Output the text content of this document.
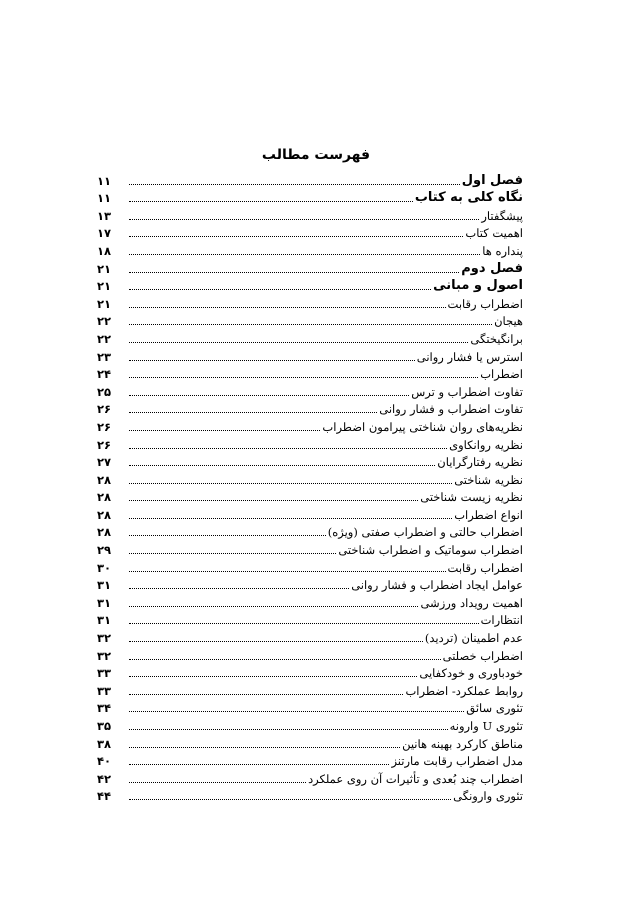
فهرست مطالب
فصل اول
۱۱
نگاه کلی به کتاب
۱۱
پیشگفتار
۱۳
اهمیت کتاب
۱۷
پنداره ها
۱۸
فصل دوم
۲۱
اصول و مبانی
۲۱
اضطراب رقابت
۲۱
هیجان
۲۲
برانگیختگی
۲۲
استرس یا فشار روانی
۲۳
اضطراب
۲۴
تفاوت اضطراب و ترس
۲۵
تفاوت اضطراب و فشار روانی
۲۶
نظریه‌های روان شناختی پیرامون اضطراب
۲۶
نظریه روانکاوی
۲۶
نظریه رفتارگرایان
۲۷
نظریه شناختی
۲۸
نظریه زیست شناختی
۲۸
انواع اضطراب
۲۸
اضطراب حالتی و اضطراب صفتی (ویژه)
۲۸
اضطراب سوماتیک و اضطراب شناختی
۲۹
اضطراب رقابت
۳۰
عوامل ایجاد اضطراب و فشار روانی
۳۱
اهمیت رویداد ورزشی
۳۱
انتظارات
۳۱
عدم اطمینان (تردید)
۳۲
اضطراب خصلتی
۳۲
خودباوری و خودکفایی
۳۳
روابط عملکرد- اضطراب
۳۳
تئوری سائق
۳۴
تئوری U وارونه
۳۵
مناطق کارکرد بهینه هانین
۳۸
مدل اضطراب رقابت مارتنز
۴۰
اضطراب چند بُعدی و تأثیرات آن روی عملکرد
۴۲
تئوری وارونگی
۴۴
